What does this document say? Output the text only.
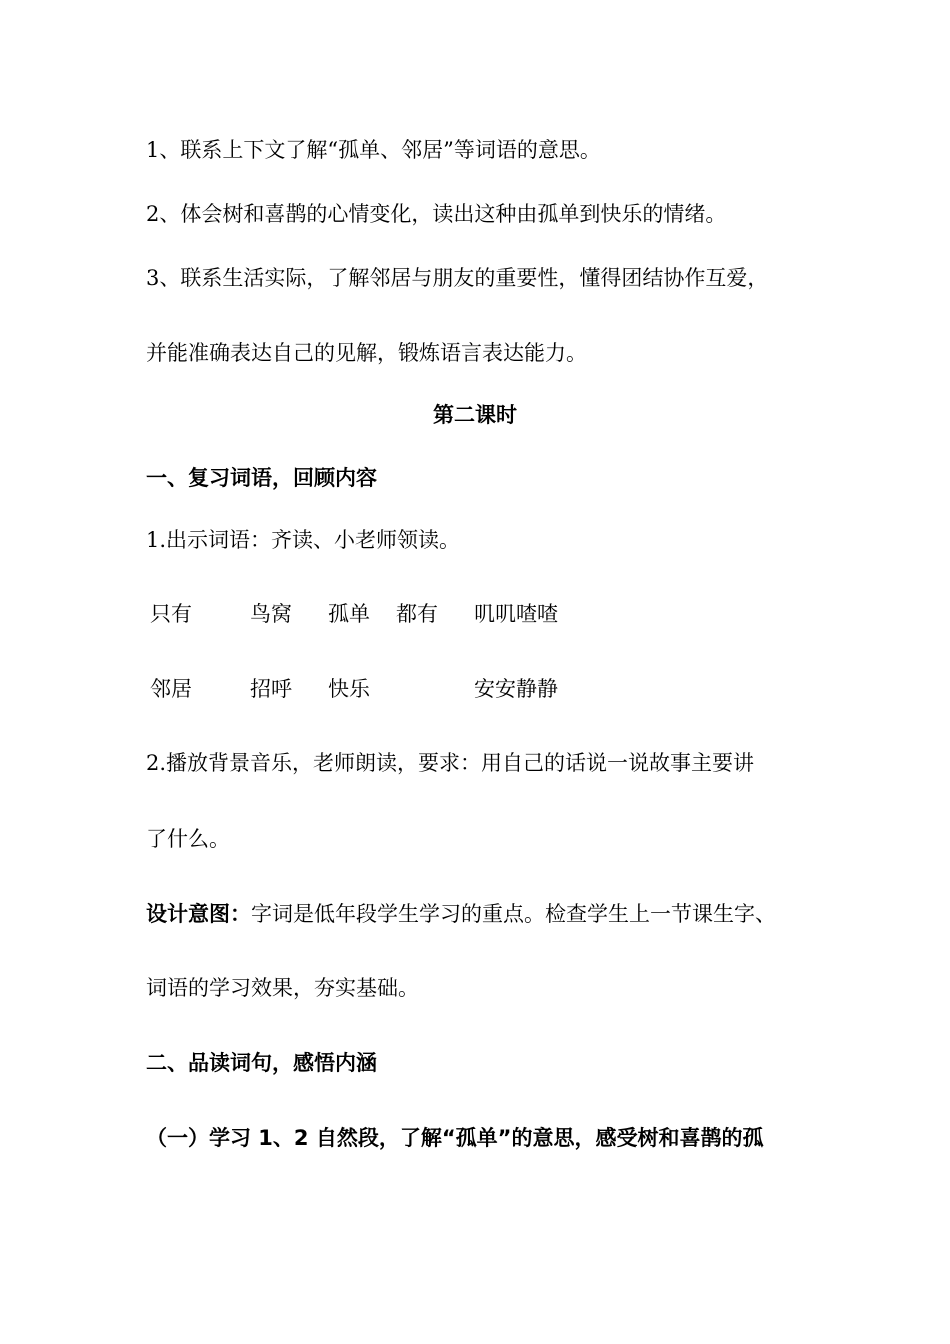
1、联系上下文了解“孤单、邻居”等词语的意思。
2、体会树和喜鹊的心情变化，读出这种由孤单到快乐的情绪。
3、联系生活实际，了解邻居与朋友的重要性，懂得团结协作互爱，
并能准确表达自己的见解，锻炼语言表达能力。
第二课时
一、复习词语，回顾内容
1.出示词语：齐读、小老师领读。
只有	鸟窝 孤单 都有 叽叽喳喳
邻居	招呼 快乐	安安静静
2.播放背景音乐，老师朗读，要求：用自己的话说一说故事主要讲
了什么。
设计意图：字词是低年段学生学习的重点。检查学生上一节课生字、
词语的学习效果，夯实基础。
二、品读词句，感悟内涵
（一）学习 1、2 自然段，了解“孤单”的意思，感受树和喜鹊的孤
